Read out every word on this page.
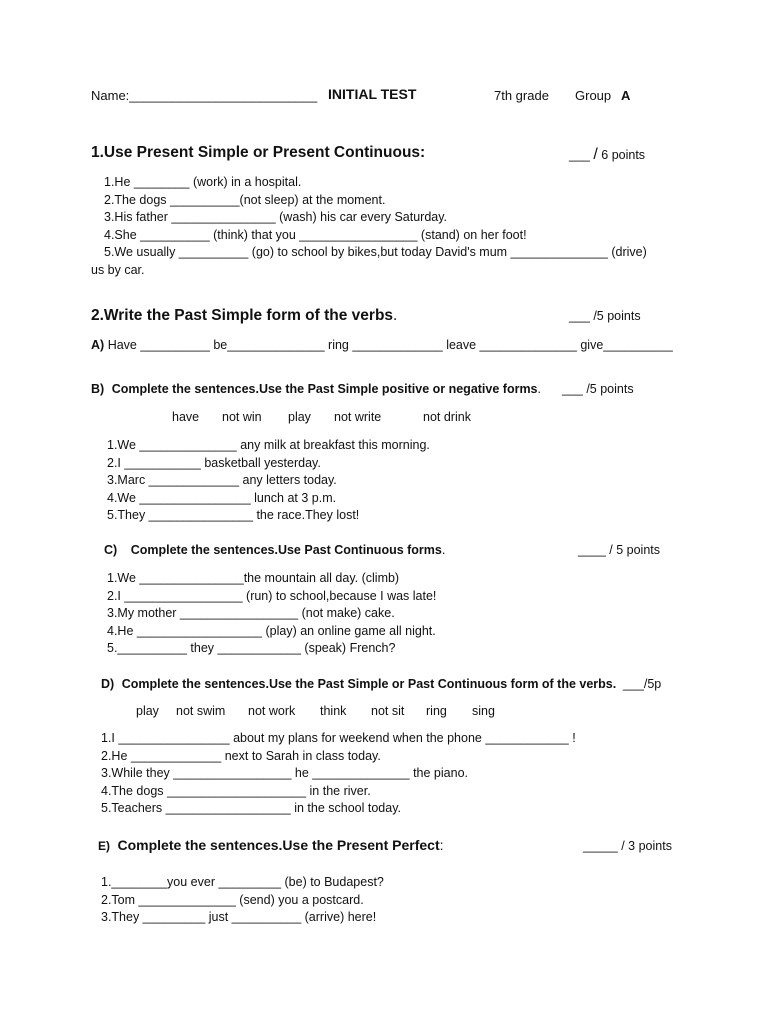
Name:__________________________ INITIAL TEST	7th grade Group A
1.Use Present Simple or Present Continuous:	___ / 6 points
1.He ________ (work) in a hospital.
2.The dogs __________(not sleep) at the moment.
3.His father _______________ (wash) his car every Saturday.
4.She __________ (think) that you _________________ (stand) on her foot!
5.We usually __________ (go) to school by bikes,but today David's mum ______________ (drive)
us by car.
2.Write the Past Simple form of the verbs.	___ /5 points
A) Have __________ be______________ ring _____________ leave ______________ give__________
B) Complete the sentences.Use the Past Simple positive or negative forms. ___ /5 points
have not win play not write	not drink
1.We ______________ any milk at breakfast this morning.
2.I ___________ basketball yesterday.
3.Marc _____________ any letters today.
4.We ________________ lunch at 3 p.m.
5.They _______________ the race.They lost!
C) Complete the sentences.Use Past Continuous forms.	____ / 5 points
1.We _______________the mountain all day. (climb)
2.I _________________ (run) to school,because I was late!
3.My mother _________________ (not make) cake.
4.He __________________ (play) an online game all night.
5.__________ they ____________ (speak) French?
D) Complete the sentences.Use the Past Simple or Past Continuous form of the verbs. ___/5p
play not swim not work think not sit ring sing
1.I ________________ about my plans for weekend when the phone ____________ !
2.He _____________ next to Sarah in class today.
3.While they _________________ he ______________ the piano.
4.The dogs ____________________ in the river.
5.Teachers __________________ in the school today.
E) Complete the sentences.Use the Present Perfect:	_____ / 3 points
1.________you ever _________ (be) to Budapest?
2.Tom ______________ (send) you a postcard.
3.They _________ just __________ (arrive) here!
